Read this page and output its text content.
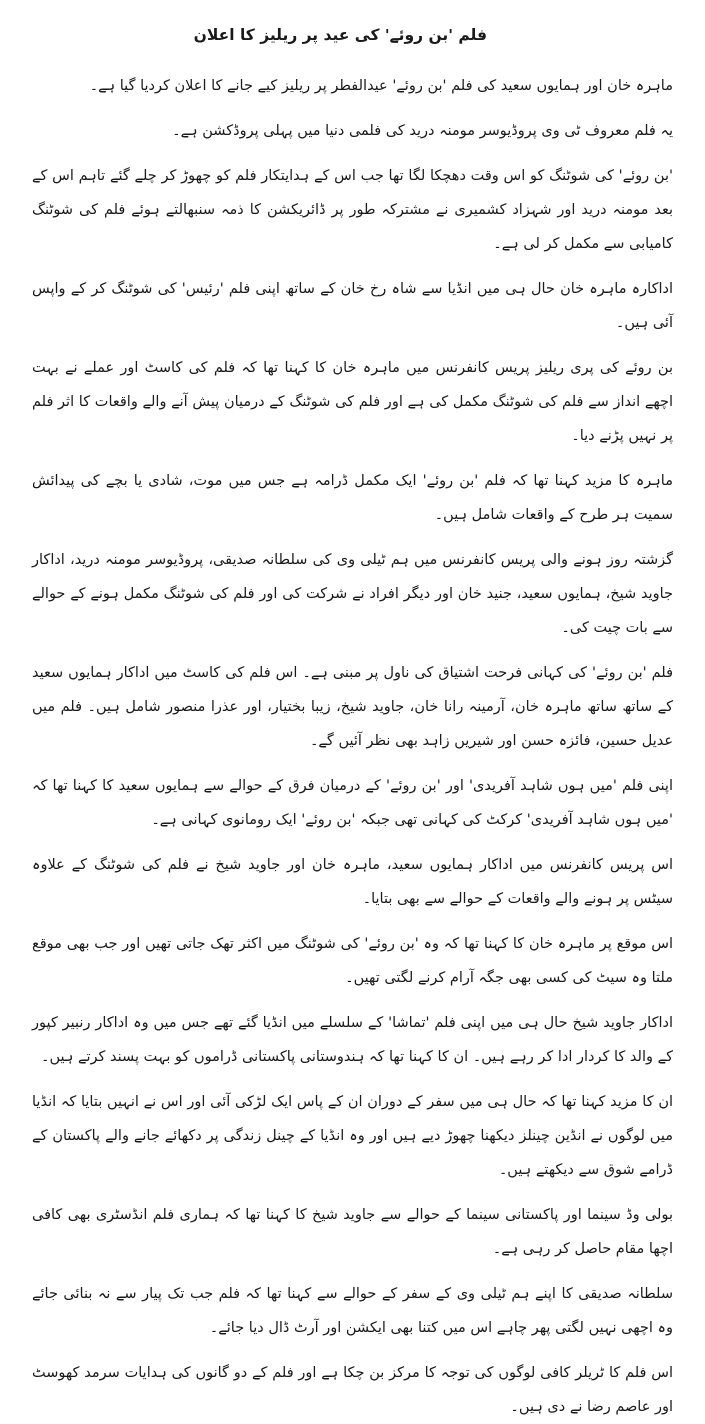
فلم 'بن روئے' کی عید پر ریلیز کا اعلان

ماہرہ خان اور ہمایوں سعید کی فلم 'بن روئے' عیدالفطر پر ریلیز کیے جانے کا اعلان کردیا گیا ہے۔

یہ فلم معروف ٹی وی پروڈیوسر مومنہ درید کی فلمی دنیا میں پہلی پروڈکشن ہے۔

'بن روئے' کی شوٹنگ کو اس وقت دھچکا لگا تھا جب اس کے ہدایتکار فلم کو چھوڑ کر چلے گئے تاہم اس کے بعد مومنہ درید اور شہزاد کشمیری نے مشترکہ طور پر ڈائریکشن کا ذمہ سنبھالتے ہوئے فلم کی شوٹنگ کامیابی سے مکمل کر لی ہے۔

اداکارہ ماہرہ خان حال ہی میں انڈیا سے شاہ رخ خان کے ساتھ اپنی فلم 'رئیس' کی شوٹنگ کر کے واپس آئی ہیں۔

بن روئے کی پری ریلیز پریس کانفرنس میں ماہرہ خان کا کہنا تھا کہ فلم کی کاسٹ اور عملے نے بہت اچھے انداز سے فلم کی شوٹنگ مکمل کی ہے اور فلم کی شوٹنگ کے درمیان پیش آنے والے واقعات کا اثر فلم پر نہیں پڑنے دیا۔

ماہرہ کا مزید کہنا تھا کہ فلم 'بن روئے' ایک مکمل ڈرامہ ہے جس میں موت، شادی یا بچے کی پیدائش سمیت ہر طرح کے واقعات شامل ہیں۔

گزشتہ روز ہونے والی پریس کانفرنس میں ہم ٹیلی وی کی سلطانہ صدیقی، پروڈیوسر مومنہ درید، اداکار جاوید شیخ، ہمایوں سعید، جنید خان اور دیگر افراد نے شرکت کی اور فلم کی شوٹنگ مکمل ہونے کے حوالے سے بات چیت کی۔

فلم 'بن روئے' کی کہانی فرحت اشتیاق کی ناول پر مبنی ہے۔ اس فلم کی کاسٹ میں اداکار ہمایوں سعید کے ساتھ ساتھ ماہرہ خان، آرمینہ رانا خان، جاوید شیخ، زیبا بختیار، اور عذرا منصور شامل ہیں۔ فلم میں عدیل حسین، فائزہ حسن اور شیریں زاہد بھی نظر آئیں گے۔

اپنی فلم 'میں ہوں شاہد آفریدی' اور 'بن روئے' کے درمیان فرق کے حوالے سے ہمایوں سعید کا کہنا تھا کہ 'میں ہوں شاہد آفریدی' کرکٹ کی کہانی تھی جبکہ 'بن روئے' ایک رومانوی کہانی ہے۔

اس پریس کانفرنس میں اداکار ہمایوں سعید، ماہرہ خان اور جاوید شیخ نے فلم کی شوٹنگ کے علاوہ سیٹس پر ہونے والے واقعات کے حوالے سے بھی بتایا۔

اس موقع پر ماہرہ خان کا کہنا تھا کہ وہ 'بن روئے' کی شوٹنگ میں اکثر تھک جاتی تھیں اور جب بھی موقع ملتا وہ سیٹ کی کسی بھی جگہ آرام کرنے لگتی تھیں۔

اداکار جاوید شیخ حال ہی میں اپنی فلم 'تماشا' کے سلسلے میں انڈیا گئے تھے جس میں وہ اداکار رنبیر کپور کے والد کا کردار ادا کر رہے ہیں۔ ان کا کہنا تھا کہ ہندوستانی پاکستانی ڈراموں کو بہت پسند کرتے ہیں۔

ان کا مزید کہنا تھا کہ حال ہی میں سفر کے دوران ان کے پاس ایک لڑکی آئی اور اس نے انہیں بتایا کہ انڈیا میں لوگوں نے انڈین چینلز دیکھنا چھوڑ دیے ہیں اور وہ انڈیا کے چینل زندگی پر دکھائے جانے والے پاکستان کے ڈرامے شوق سے دیکھتے ہیں۔

بولی وڈ سینما اور پاکستانی سینما کے حوالے سے جاوید شیخ کا کہنا تھا کہ ہماری فلم انڈسٹری بھی کافی اچھا مقام حاصل کر رہی ہے۔

سلطانہ صدیقی کا اپنے ہم ٹیلی وی کے سفر کے حوالے سے کہنا تھا کہ فلم جب تک پیار سے نہ بنائی جائے وہ اچھی نہیں لگتی پھر چاہے اس میں کتنا بھی ایکشن اور آرٹ ڈال دیا جائے۔

اس فلم کا ٹریلر کافی لوگوں کی توجہ کا مرکز بن چکا ہے اور فلم کے دو گانوں کی ہدایات سرمد کھوسٹ اور عاصم رضا نے دی ہیں۔
